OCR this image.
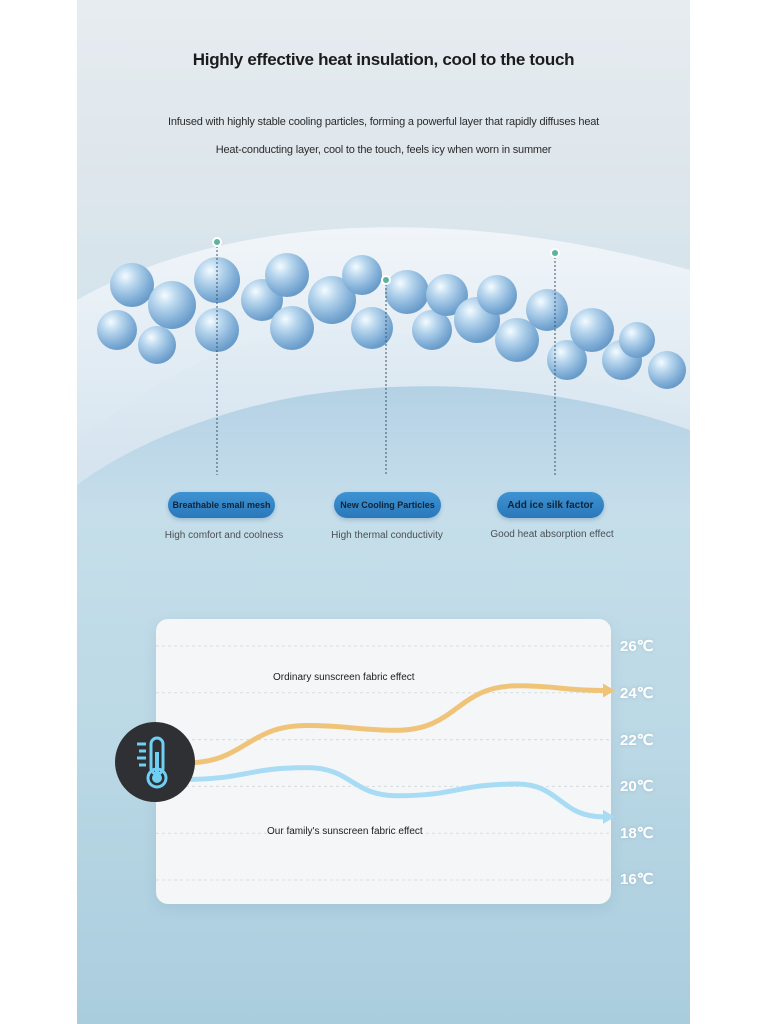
Highly effective heat insulation, cool to the touch
Infused with highly stable cooling particles, forming a powerful layer that rapidly diffuses heat
Heat-conducting layer, cool to the touch, feels icy when worn in summer
Breathable small mesh	New Cooling Particles	Add ice silk factor
High comfort and coolness	High thermal conductivity	Good heat absorption effect
26℃
24℃
22℃
20℃
18℃
16℃
Ordinary sunscreen fabric effect
Our family's sunscreen fabric effect
